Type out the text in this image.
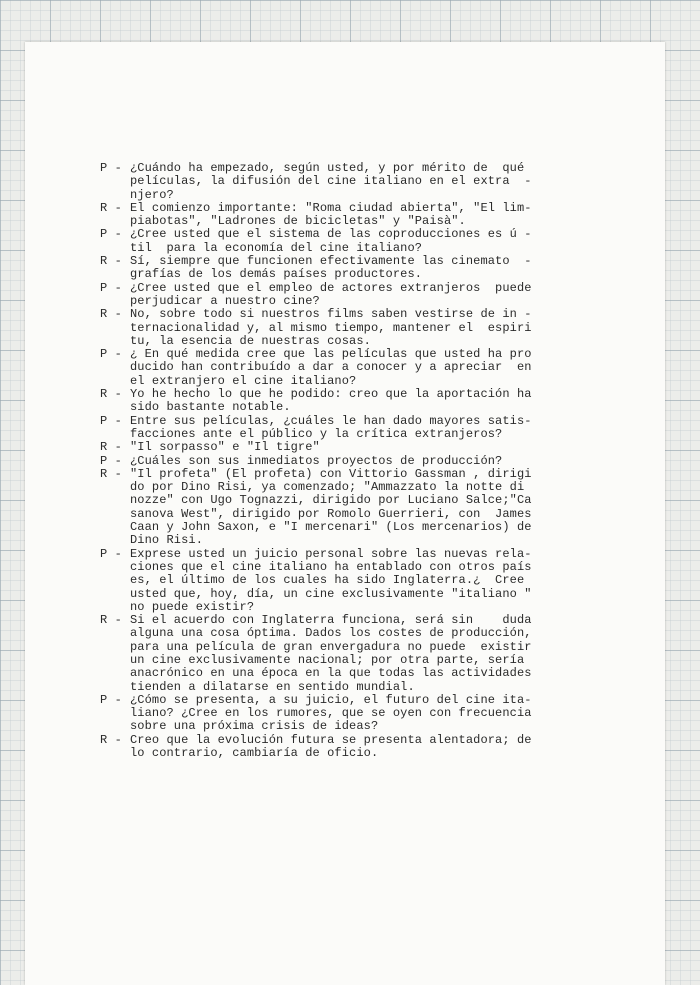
P - ¿Cuándo ha empezado, según usted, y por mérito de  qué
películas, la difusión del cine italiano en el extra  -
njero?
R - El comienzo importante: "Roma ciudad abierta", "El lim-
piabotas", "Ladrones de bicicletas" y "Paisà".
P - ¿Cree usted que el sistema de las coproducciones es ú -
til  para la economía del cine italiano?
R - Sí, siempre que funcionen efectivamente las cinemato  -
grafías de los demás países productores.
P - ¿Cree usted que el empleo de actores extranjeros  puede
perjudicar a nuestro cine?
R - No, sobre todo si nuestros films saben vestirse de in -
ternacionalidad y, al mismo tiempo, mantener el  espiri
tu, la esencia de nuestras cosas.
P - ¿ En qué medida cree que las películas que usted ha pro
ducido han contribuído a dar a conocer y a apreciar  en
el extranjero el cine italiano?
R - Yo he hecho lo que he podido: creo que la aportación ha
sido bastante notable.
P - Entre sus películas, ¿cuáles le han dado mayores satis-
facciones ante el público y la crítica extranjeros?
R - "Il sorpasso" e "Il tigre"
P - ¿Cuáles son sus inmediatos proyectos de producción?
R - "Il profeta" (El profeta) con Vittorio Gassman , dirigi
do por Dino Risi, ya comenzado; "Ammazzato la notte di
nozze" con Ugo Tognazzi, dirigido por Luciano Salce;"Ca
sanova West", dirigido por Romolo Guerrieri, con  James
Caan y John Saxon, e "I mercenari" (Los mercenarios) de
Dino Risi.
P - Exprese usted un juicio personal sobre las nuevas rela-
ciones que el cine italiano ha entablado con otros país
es, el último de los cuales ha sido Inglaterra.¿  Cree
usted que, hoy, día, un cine exclusivamente "italiano "
no puede existir?
R - Si el acuerdo con Inglaterra funciona, será sin    duda
alguna una cosa óptima. Dados los costes de producción,
para una película de gran envergadura no puede  existir
un cine exclusivamente nacional; por otra parte, sería
anacrónico en una época en la que todas las actividades
tienden a dilatarse en sentido mundial.
P - ¿Cómo se presenta, a su juicio, el futuro del cine ita-
liano? ¿Cree en los rumores, que se oyen con frecuencia
sobre una próxima crisis de ideas?
R - Creo que la evolución futura se presenta alentadora; de
lo contrario, cambiaría de oficio.
